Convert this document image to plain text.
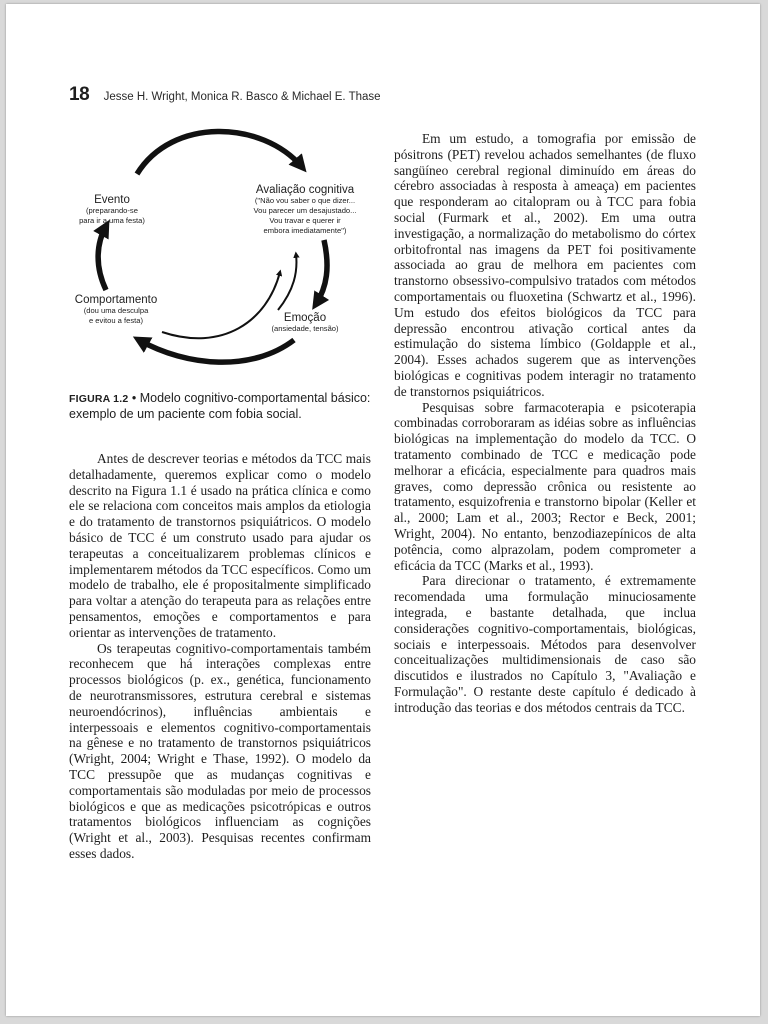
18 Jesse H. Wright, Monica R. Basco & Michael E. Thase
Evento
(preparando-se
para ir a uma festa)
Avaliação cognitiva
("Não vou saber o que dizer...
Vou parecer um desajustado...
Vou travar e querer ir
embora imediatamente")
Comportamento
(dou uma desculpa
e evitou a festa)	Emoção
(ansiedade, tensão)
FIGURA 1.2 • Modelo cognitivo-comportamental básico: exemplo de um paciente com fobia social.

Antes de descrever teorias e métodos da TCC mais detalhadamente, queremos explicar como o modelo descrito na Figura 1.1 é usado na prática clínica e como ele se relaciona com conceitos mais amplos da etiologia e do tratamento de transtornos psiquiátricos. O modelo básico de TCC é um construto usado para ajudar os terapeutas a conceitualizarem problemas clínicos e implementarem métodos da TCC específicos. Como um modelo de trabalho, ele é propositalmente simplificado para voltar a atenção do terapeuta para as relações entre pensamentos, emoções e comportamentos e para orientar as intervenções de tratamento.

Os terapeutas cognitivo-comportamentais também reconhecem que há interações complexas entre processos biológicos (p. ex., genética, funcionamento de neurotransmissores, estrutura cerebral e sistemas neuroendócrinos), influências ambientais e interpessoais e elementos cognitivo-comportamentais na gênese e no tratamento de transtornos psiquiátricos (Wright, 2004; Wright e Thase, 1992). O modelo da TCC pressupõe que as mudanças cognitivas e comportamentais são moduladas por meio de processos biológicos e que as medicações psicotrópicas e outros tratamentos biológicos influenciam as cognições (Wright et al., 2003). Pesquisas recentes confirmam esses dados.

Em um estudo, a tomografia por emissão de pósitrons (PET) revelou achados semelhantes (de fluxo sangüíneo cerebral regional diminuído em áreas do cérebro associadas à resposta à ameaça) em pacientes que responderam ao citalopram ou à TCC para fobia social (Furmark et al., 2002). Em uma outra investigação, a normalização do metabolismo do córtex orbitofrontal nas imagens da PET foi positivamente associada ao grau de melhora em pacientes com transtorno obsessivo-compulsivo tratados com métodos comportamentais ou fluoxetina (Schwartz et al., 1996). Um estudo dos efeitos biológicos da TCC para depressão encontrou ativação cortical antes da estimulação do sistema límbico (Goldapple et al., 2004). Esses achados sugerem que as intervenções biológicas e cognitivas podem interagir no tratamento de transtornos psiquiátricos.

Pesquisas sobre farmacoterapia e psicoterapia combinadas corroboraram as idéias sobre as influências biológicas na implementação do modelo da TCC. O tratamento combinado de TCC e medicação pode melhorar a eficácia, especialmente para quadros mais graves, como depressão crônica ou resistente ao tratamento, esquizofrenia e transtorno bipolar (Keller et al., 2000; Lam et al., 2003; Rector e Beck, 2001; Wright, 2004). No entanto, benzodiazepínicos de alta potência, como alprazolam, podem comprometer a eficácia da TCC (Marks et al., 1993).

Para direcionar o tratamento, é extremamente recomendada uma formulação minuciosamente integrada, e bastante detalhada, que inclua considerações cognitivo-comportamentais, biológicas, sociais e interpessoais. Métodos para desenvolver conceitualizações multidimensionais de caso são discutidos e ilustrados no Capítulo 3, "Avaliação e Formulação". O restante deste capítulo é dedicado à introdução das teorias e dos métodos centrais da TCC.
